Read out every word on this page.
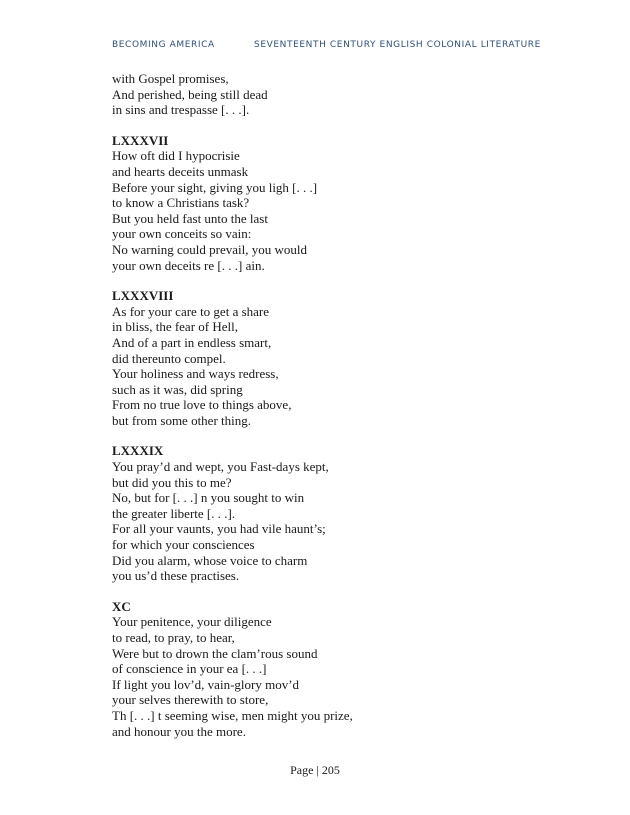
BECOMING AMERICA	SEVENTEENTH CENTURY ENGLISH COLONIAL LITERATURE
with Gospel promises,
And perished, being still dead
in sins and trespasse [. . .].
LXXXVII
How oft did I hypocrisie
and hearts deceits unmask
Before your sight, giving you ligh [. . .]
to know a Christians task?
But you held fast unto the last
your own conceits so vain:
No warning could prevail, you would
your own deceits re [. . .] ain.
LXXXVIII
As for your care to get a share
in bliss, the fear of Hell,
And of a part in endless smart,
did thereunto compel.
Your holiness and ways redress,
such as it was, did spring
From no true love to things above,
but from some other thing.
LXXXIX
You pray’d and wept, you Fast-days kept,
but did you this to me?
No, but for [. . .] n you sought to win
the greater liberte [. . .].
For all your vaunts, you had vile haunt’s;
for which your consciences
Did you alarm, whose voice to charm
you us’d these practises.
XC
Your penitence, your diligence
to read, to pray, to hear,
Were but to drown the clam’rous sound
of conscience in your ea [. . .]
If light you lov’d, vain-glory mov’d
your selves therewith to store,
Th [. . .] t seeming wise, men might you prize,
and honour you the more.
Page | 205
